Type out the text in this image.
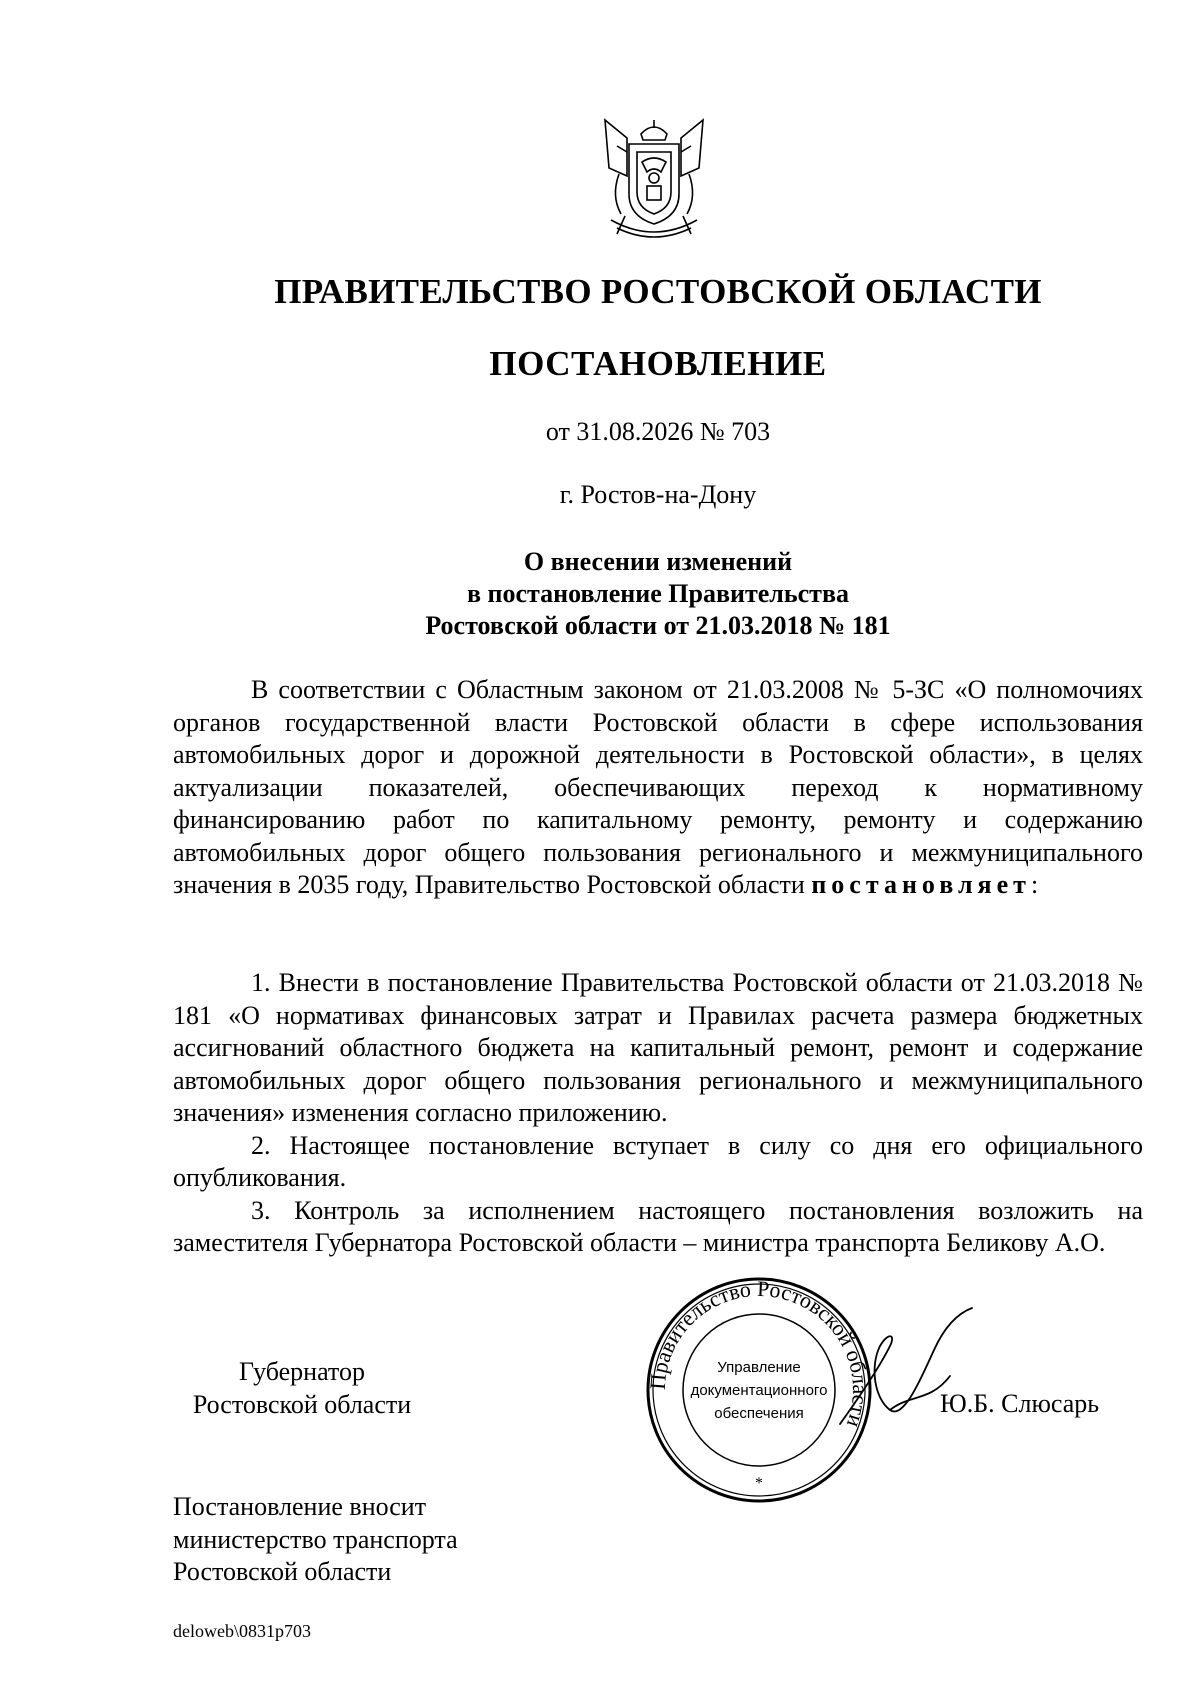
ПРАВИТЕЛЬСТВО РОСТОВСКОЙ ОБЛАСТИ
ПОСТАНОВЛЕНИЕ
от 31.08.2026 № 703
г. Ростов-на-Дону
О внесении изменений
в постановление Правительства
Ростовской области от 21.03.2018 № 181

В соответствии с Областным законом от 21.03.2008 № 5-ЗС «О полномочиях органов государственной власти Ростовской области в сфере использования автомобильных дорог и дорожной деятельности в Ростовской области», в целях актуализации показателей, обеспечивающих переход к нормативному финансированию работ по капитальному ремонту, ремонту и содержанию автомобильных дорог общего пользования регионального и межмуниципального значения в 2035 году, Правительство Ростовской области постановляет:

1. Внести в постановление Правительства Ростовской области от 21.03.2018 № 181 «О нормативах финансовых затрат и Правилах расчета размера бюджетных ассигнований областного бюджета на капитальный ремонт, ремонт и содержание автомобильных дорог общего пользования регионального и межмуниципального значения» изменения согласно приложению.

2. Настоящее постановление вступает в силу со дня его официального опубликования.

3. Контроль за исполнением настоящего постановления возложить на заместителя Губернатора Ростовской области – министра транспорта Беликову А.О.

Губернатор
Ростовской области
Правительство Ростовской области
Управление
документационного
обеспечения
*
Ю.Б. Слюсарь
Постановление вносит
министерство транспорта
Ростовской области
deloweb\0831p703
